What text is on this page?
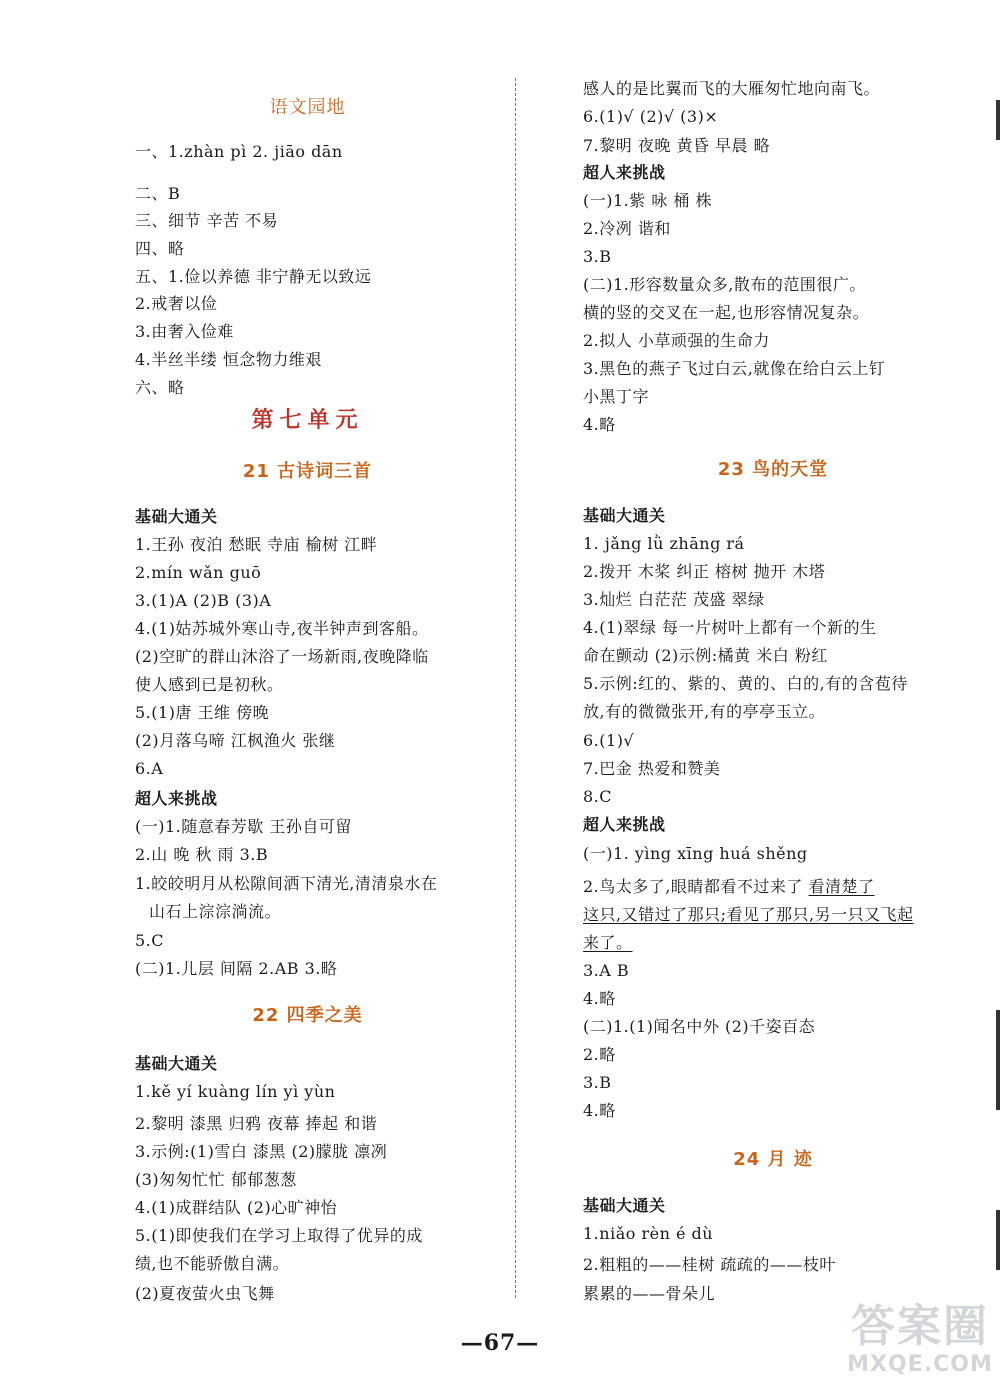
语文园地
一、1.zhàn pì 2. jiāo dān
二、B
三、细节 辛苦 不易
四、略
五、1.俭以养德 非宁静无以致远
2.戒奢以俭
3.由奢入俭难
4.半丝半缕 恒念物力维艰
六、略
第七单元
21 古诗词三首
基础大通关
1.王孙 夜泊 愁眠 寺庙 榆树 江畔
2.mín wǎn guō
3.(1)A (2)B (3)A
4.(1)姑苏城外寒山寺,夜半钟声到客船。
(2)空旷的群山沐浴了一场新雨,夜晚降临
使人感到已是初秋。
5.(1)唐 王维 傍晚
(2)月落乌啼 江枫渔火 张继
6.A
超人来挑战
(一)1.随意春芳歇 王孙自可留
2.山 晚 秋 雨 3.B
1.皎皎明月从松隙间洒下清光,清清泉水在
山石上淙淙淌流。
5.C
(二)1.儿层 间隔 2.AB 3.略
22 四季之美
基础大通关
1.kě yí kuàng lín yì yùn
2.黎明 漆黑 归鸦 夜幕 捧起 和谐
3.示例:(1)雪白 漆黑 (2)朦胧 凛冽
(3)匆匆忙忙 郁郁葱葱
4.(1)成群结队 (2)心旷神怡
5.(1)即使我们在学习上取得了优异的成
绩,也不能骄傲自满。
(2)夏夜萤火虫飞舞
感人的是比翼而飞的大雁匆忙地向南飞。
6.(1)√ (2)√ (3)×
7.黎明 夜晚 黄昏 早晨 略
超人来挑战
(一)1.紫 咏 桶 株
2.冷冽 谐和
3.B
(二)1.形容数量众多,散布的范围很广。
横的竖的交叉在一起,也形容情况复杂。
2.拟人 小草顽强的生命力
3.黑色的燕子飞过白云,就像在给白云上钉
小黑丁字
4.略
23 鸟的天堂
基础大通关
1. jǎng lǜ zhāng rá
2.拨开 木桨 纠正 榕树 抛开 木塔
3.灿烂 白茫茫 茂盛 翠绿
4.(1)翠绿 每一片树叶上都有一个新的生
命在颤动 (2)示例:橘黄 米白 粉红
5.示例:红的、紫的、黄的、白的,有的含苞待
放,有的微微张开,有的亭亭玉立。
6.(1)√
7.巴金 热爱和赞美
8.C
超人来挑战
(一)1. yìng xīng huá shěng
2.鸟太多了,眼睛都看不过来了 看清楚了
这只,又错过了那只;看见了那只,另一只又飞起
来了。
3.A B
4.略
(二)1.(1)闻名中外 (2)千姿百态
2.略
3.B
4.略
24 月 迹
基础大通关
1.niǎo rèn é dù
2.粗粗的——桂树 疏疏的——枝叶
累累的——骨朵儿
—67—	答案圈
MXQE.COM
